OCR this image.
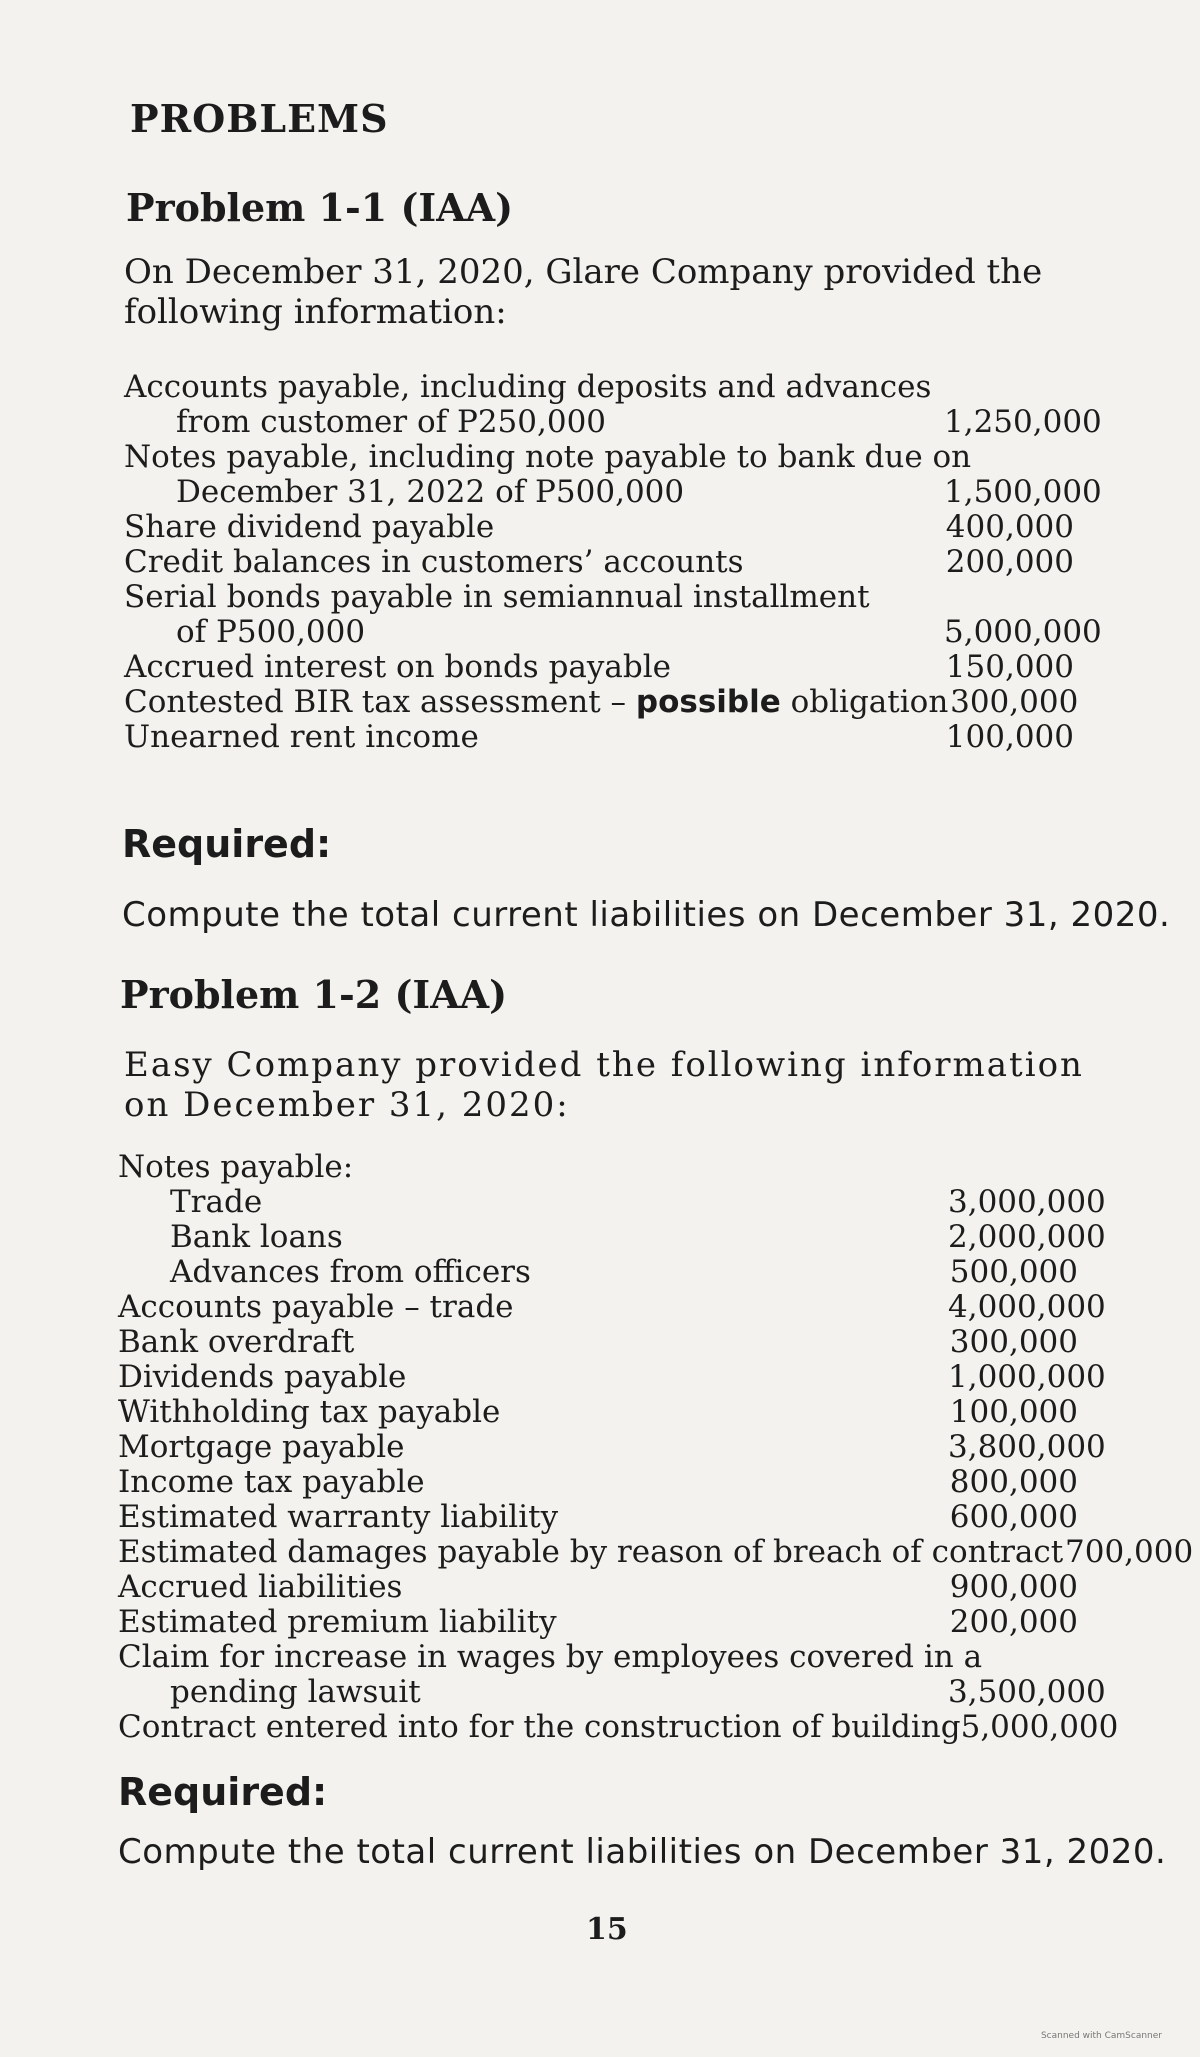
PROBLEMS
Problem 1-1 (IAA)
On December 31, 2020, Glare Company provided the following information:
Accounts payable, including deposits and advances
from customer of P250,000	1,250,000
Notes payable, including note payable to bank due on
December 31, 2022 of P500,000	1,500,000
Share dividend payable	400,000
Credit balances in customers’ accounts	200,000
Serial bonds payable in semiannual installment
of P500,000	5,000,000
Accrued interest on bonds payable	150,000
Contested BIR tax assessment – possible obligation 300,000
Unearned rent income	100,000
Required:
Compute the total current liabilities on December 31, 2020.
Problem 1-2 (IAA)
Easy Company provided the following information on December 31, 2020:
Notes payable:
Trade	3,000,000
Bank loans	2,000,000
Advances from officers	500,000
Accounts payable – trade	4,000,000
Bank overdraft	300,000
Dividends payable	1,000,000
Withholding tax payable	100,000
Mortgage payable	3,800,000
Income tax payable	800,000
Estimated warranty liability	600,000
Estimated damages payable by reason of breach of contract 700,000
Accrued liabilities	900,000
Estimated premium liability	200,000
Claim for increase in wages by employees covered in a
pending lawsuit	3,500,000
Contract entered into for the construction of building 5,000,000
Required:
Compute the total current liabilities on December 31, 2020.
15
Scanned with CamScanner
